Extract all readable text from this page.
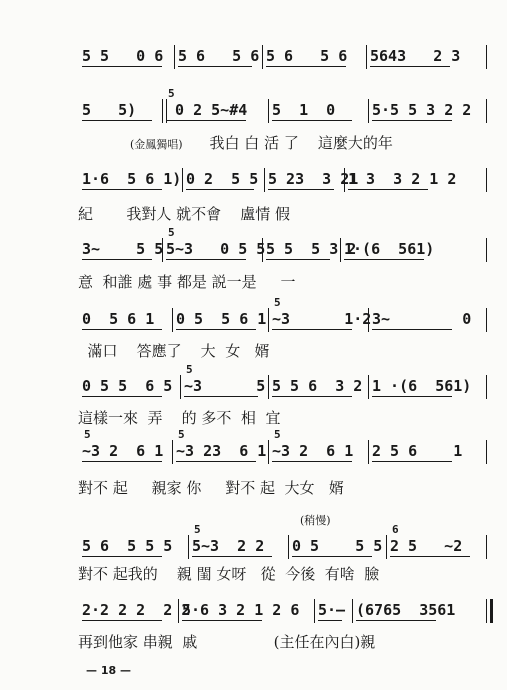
5 5   0 6 5 6   5 6 5 6   5 6 5643   2 3
5   5) 0 2 5~#4
5
5  1  0 5·5 5 3 2 2
我白 白 活 了    這麼大的年
(金鳳獨唱)
1·6  5 6 1) 0 2  5 5 5 23  3 21
1 3  3 2 1 2
紀       我對人 就不會    盧情 假
3~    5 5 5~3   0 5 5
5
5 5  5 3 2
1·(6  561)
意  和誰 處 事 都是 説一是     一
0  5 6 1 0 5  5 6 1 ~3      1·2
5
3~        0
滿口    答應了    大  女   婿
0 5 5  6 5 ~3      5
5
5 5 6  3 2 1 ·(6  561)
這樣一來  弄    的 多不  相  宜
~3 2  6 1
5
~3 23  6 1
5
~3 2  6 1
5
2 5 6    1
對不 起     親家 你     對不 起  大女   婿
5 6  5 5 5 5~3  2 2
5
0 5    5 5 2 5   ~2
6
對不 起我的    親 閨 女呀   從  今後  有啥  臉
(稍慢)
2·2 2 2  2 2
5·6 3 2 1 2 6 5·— (6765  3561
再到他家 串親  戚                (主任在內白)親
— 18 —
